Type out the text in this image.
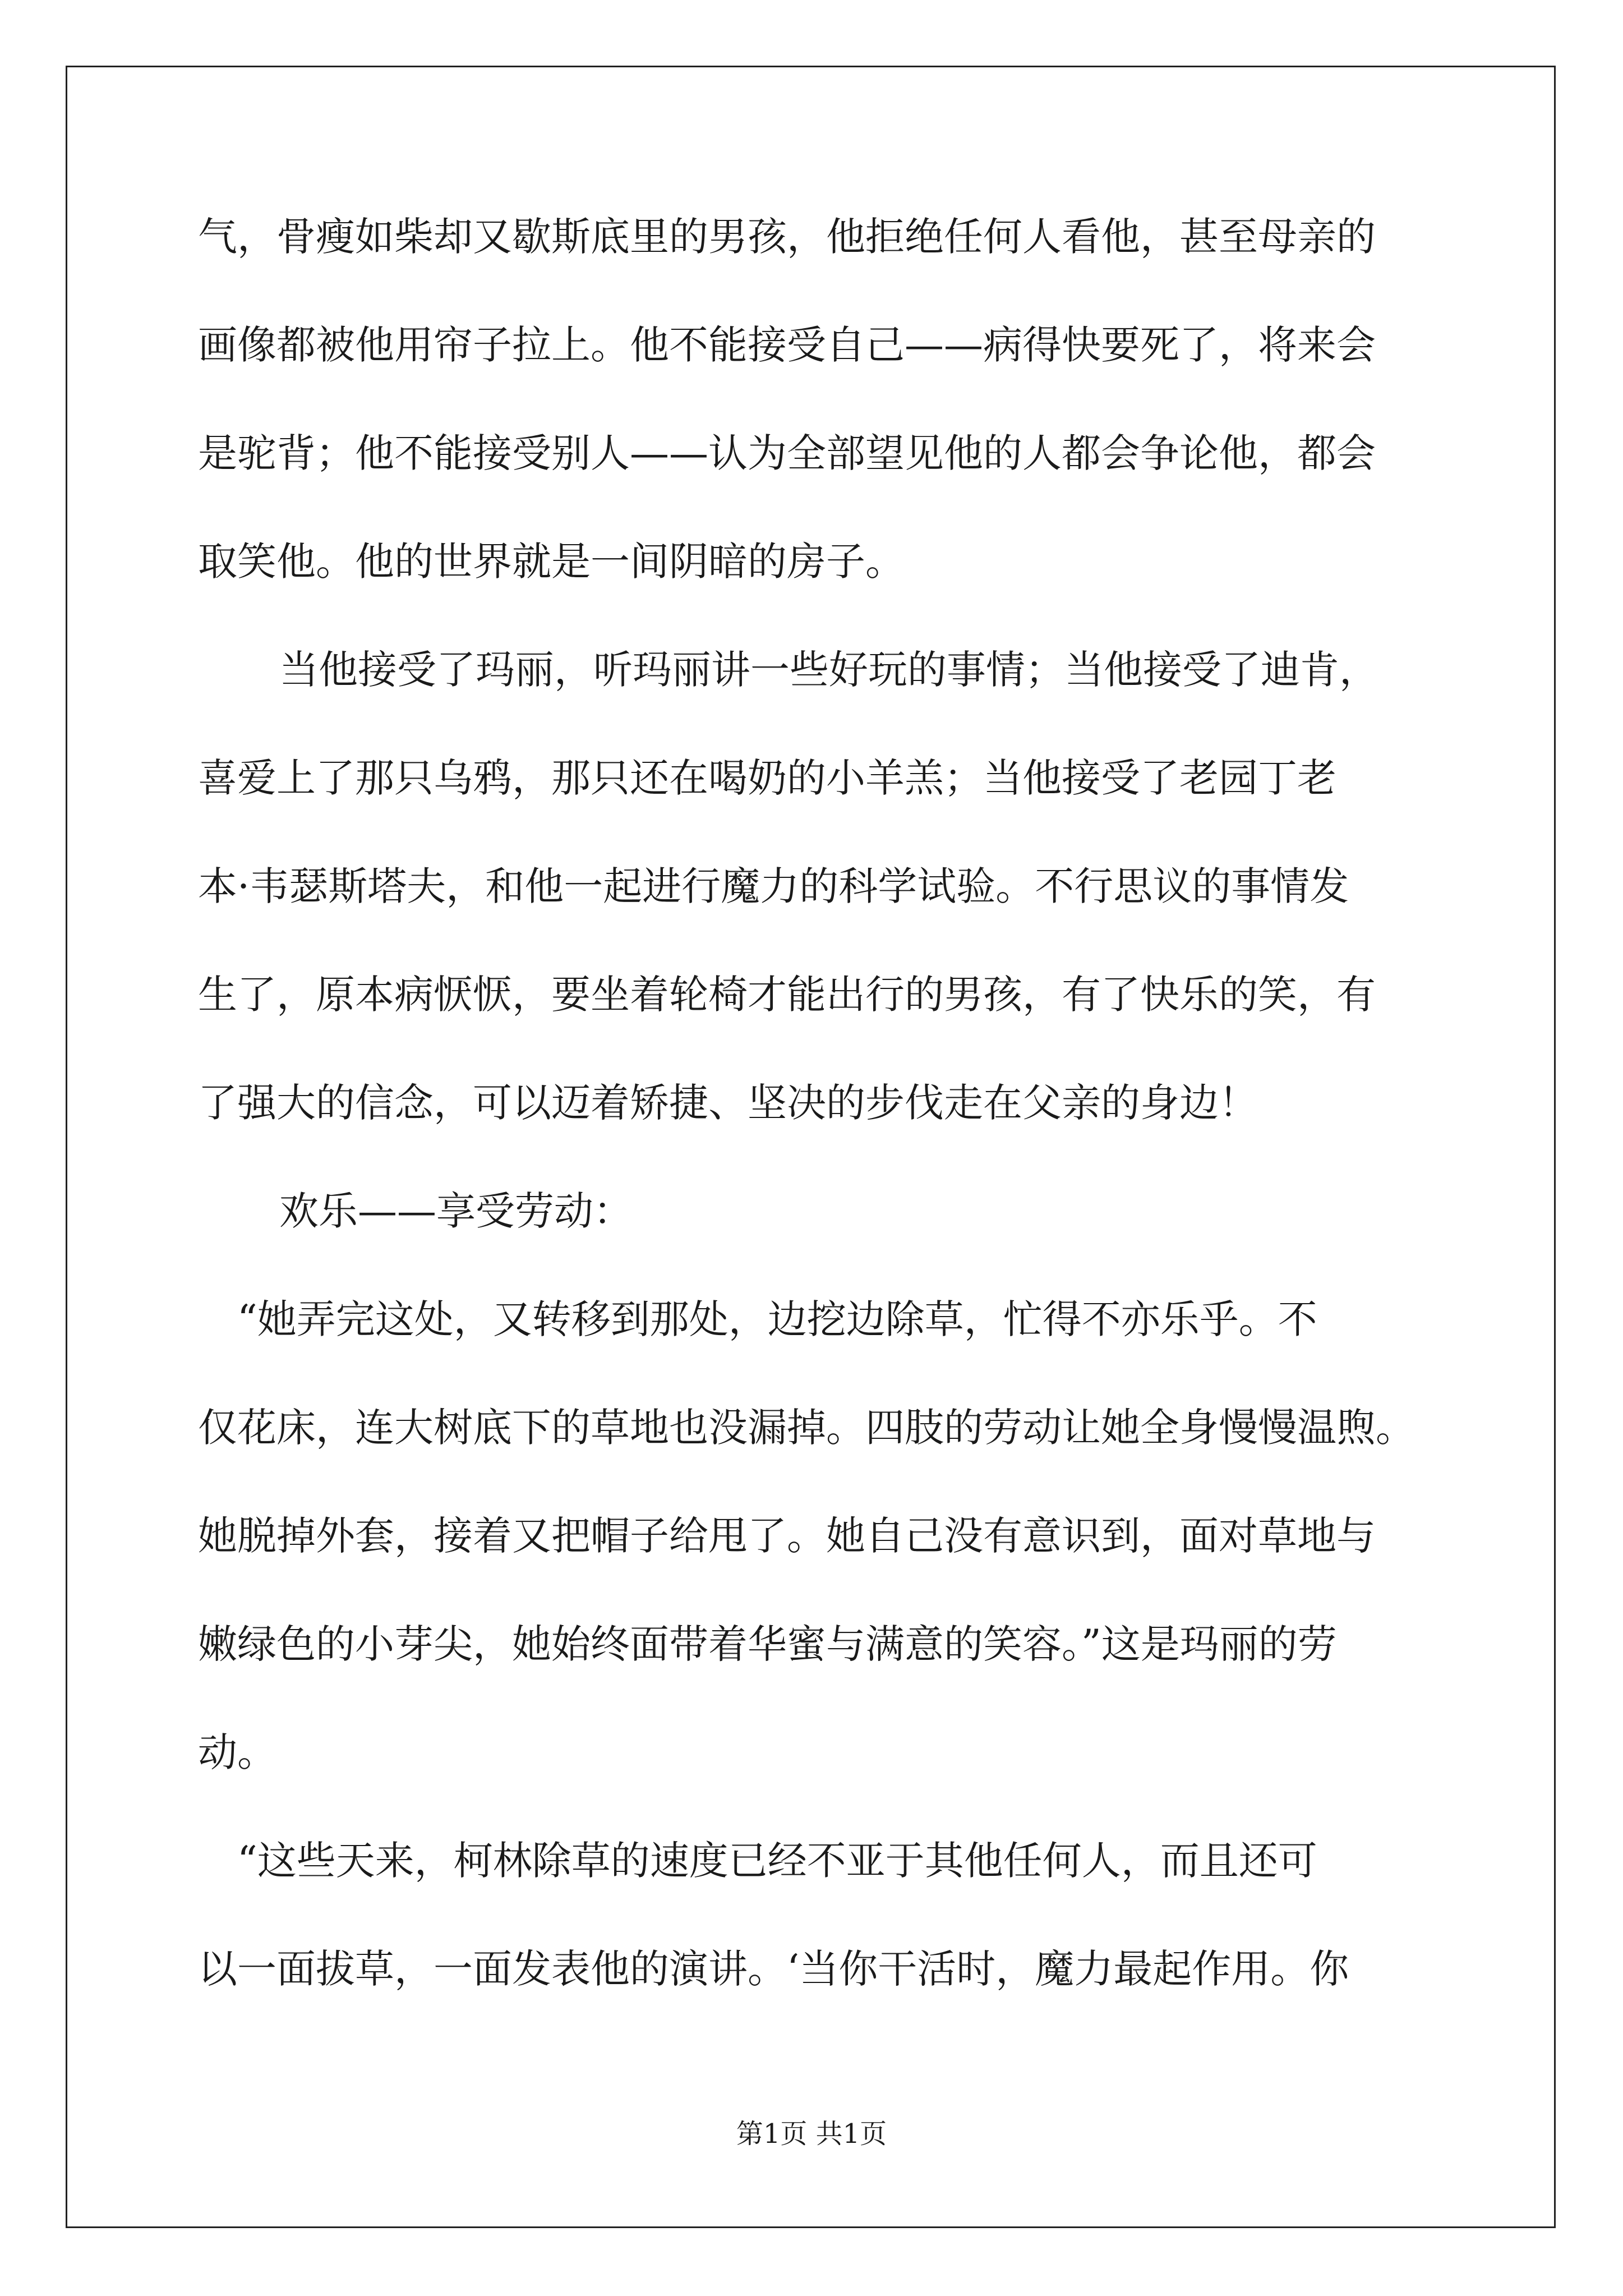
气，骨瘦如柴却又歇斯底里的男孩，他拒绝任何人看他，甚至母亲的
画像都被他用帘子拉上。他不能接受自己——病得快要死了，将来会
是驼背；他不能接受别人——认为全部望见他的人都会争论他，都会
取笑他。他的世界就是一间阴暗的房子。
当他接受了玛丽，听玛丽讲一些好玩的事情；当他接受了迪肯，
喜爱上了那只乌鸦，那只还在喝奶的小羊羔；当他接受了老园丁老
本·韦瑟斯塔夫，和他一起进行魔力的科学试验。不行思议的事情发
生了，原本病恹恹，要坐着轮椅才能出行的男孩，有了快乐的笑，有
了强大的信念，可以迈着矫捷、坚决的步伐走在父亲的身边！
欢乐——享受劳动：
“她弄完这处，又转移到那处，边挖边除草，忙得不亦乐乎。不
仅花床，连大树底下的草地也没漏掉。四肢的劳动让她全身慢慢温煦。
她脱掉外套，接着又把帽子给甩了。她自己没有意识到，面对草地与
嫩绿色的小芽尖，她始终面带着华蜜与满意的笑容。”这是玛丽的劳
动。
“这些天来，柯林除草的速度已经不亚于其他任何人，而且还可
以一面拔草，一面发表他的演讲。‘当你干活时，魔力最起作用。你
第1页 共1页
